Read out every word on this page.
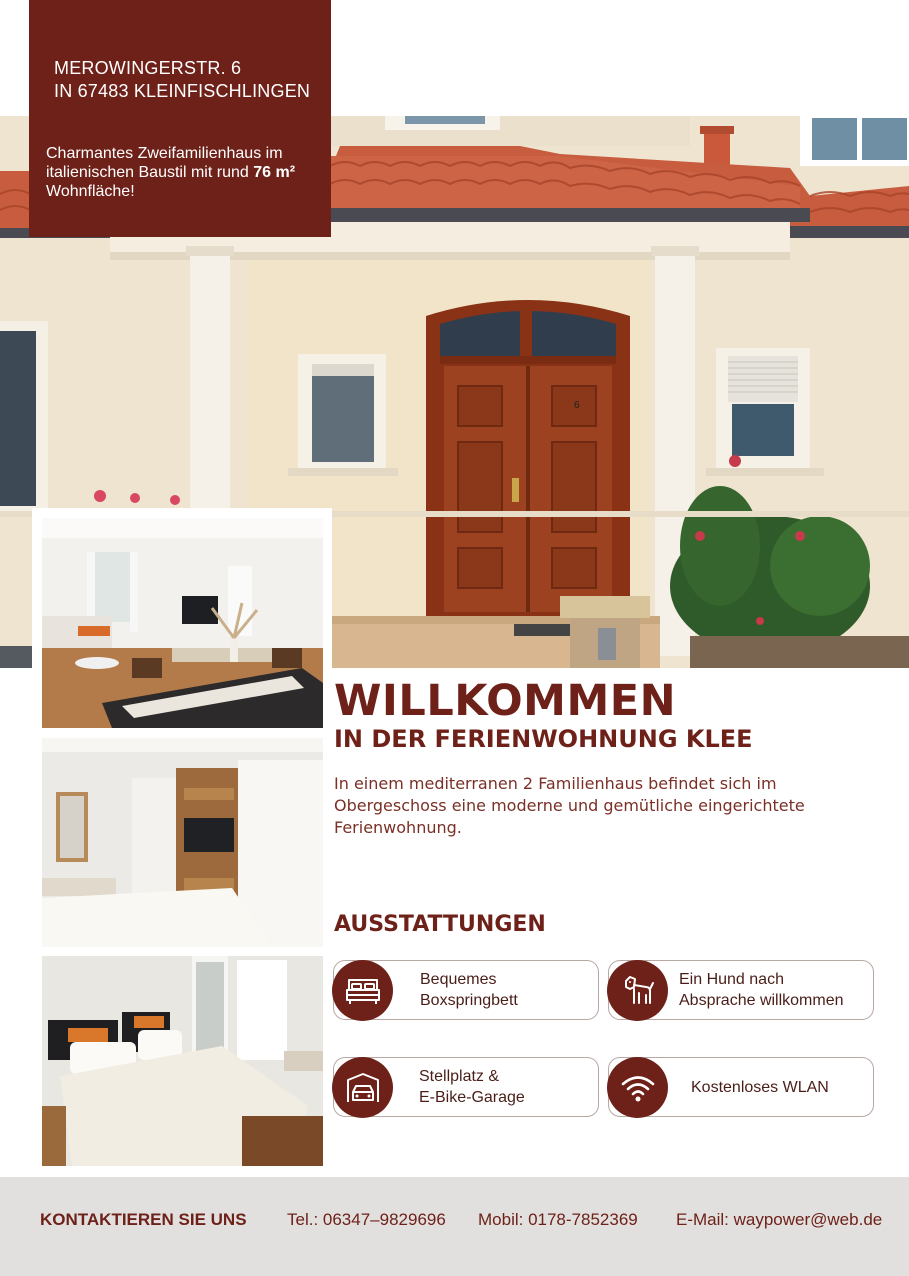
6
MEROWINGERSTR. 6
IN 67483 KLEINFISCHLINGEN
Charmantes Zweifamilienhaus im italienischen Baustil mit rund 76 m² Wohnfläche!
WILLKOMMEN
IN DER FERIENWOHNUNG KLEE

In einem mediterranen 2 Familienhaus befindet sich im Obergeschoss eine moderne und gemütliche eingerichtete Ferienwohnung.

AUSSTATTUNGEN
Bequemes
Boxspringbett
Ein Hund nach
Absprache willkommen
Stellplatz &
E-Bike-Garage
Kostenloses WLAN
KONTAKTIEREN SIE UNS Tel.: 06347–9829696 Mobil: 0178-7852369 E-Mail: waypower@web.de
